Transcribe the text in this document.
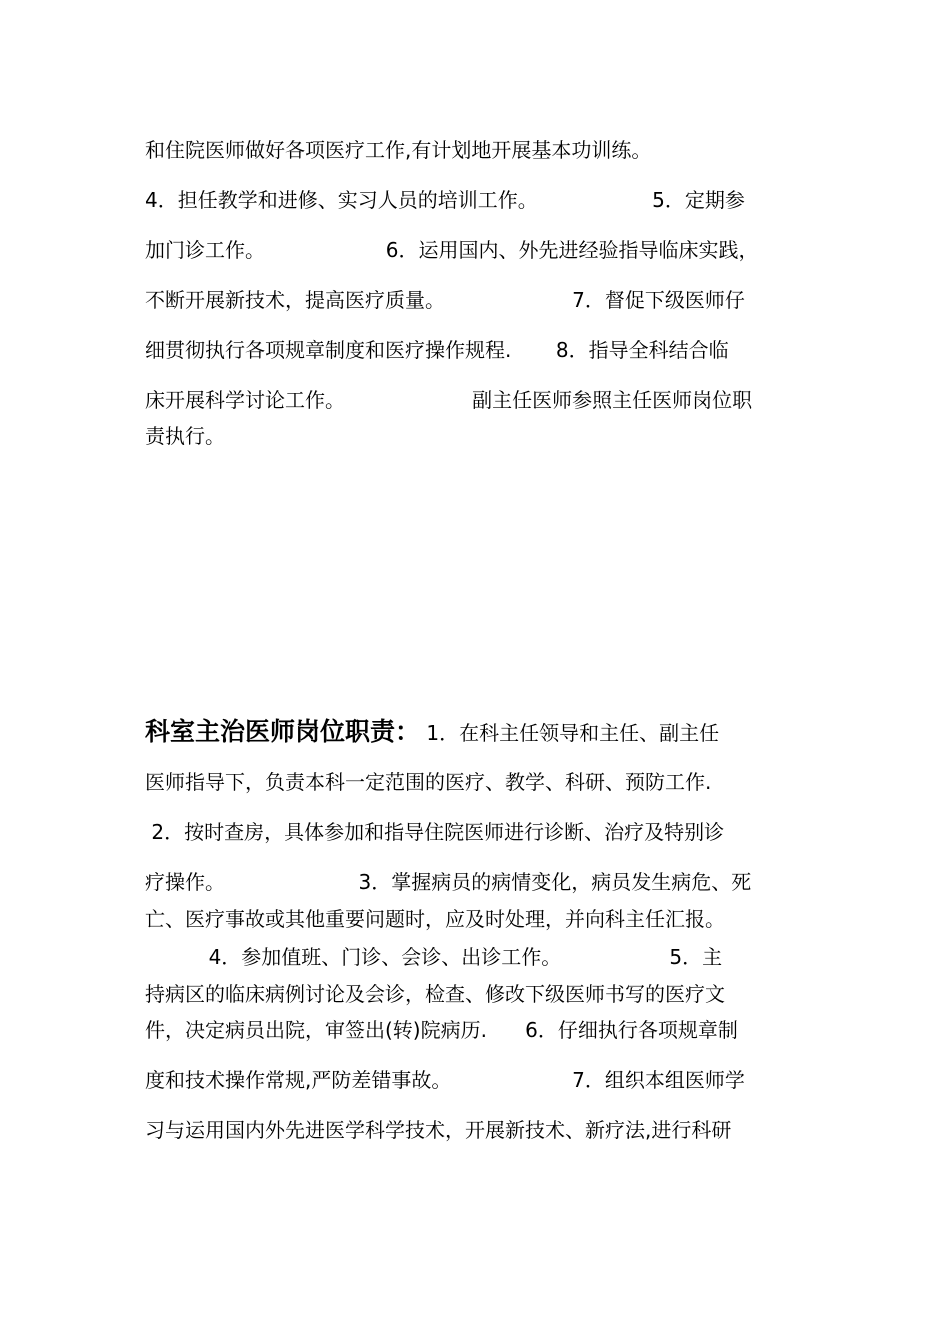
和住院医师做好各项医疗工作,有计划地开展基本功训练。
4．担任教学和进修、实习人员的培训工作。                  5．定期参
加门诊工作。                   6．运用国内、外先进经验指导临床实践，
不断开展新技术，提高医疗质量。                    7．督促下级医师仔
细贯彻执行各项规章制度和医疗操作规程.       8．指导全科结合临
床开展科学讨论工作。                    副主任医师参照主任医师岗位职
责执行。
科室主治医师岗位职责： 1．在科主任领导和主任、副主任
医师指导下，负责本科一定范围的医疗、教学、科研、预防工作.
2．按时查房，具体参加和指导住院医师进行诊断、治疗及特别诊
疗操作。                     3．掌握病员的病情变化，病员发生病危、死
亡、医疗事故或其他重要问题时，应及时处理，并向科主任汇报。
4．参加值班、门诊、会诊、出诊工作。                 5．主
持病区的临床病例讨论及会诊，检查、修改下级医师书写的医疗文
件，决定病员出院，审签出(转)院病历.      6．仔细执行各项规章制
度和技术操作常规,严防差错事故。                   7．组织本组医师学
习与运用国内外先进医学科学技术，开展新技术、新疗法,进行科研
